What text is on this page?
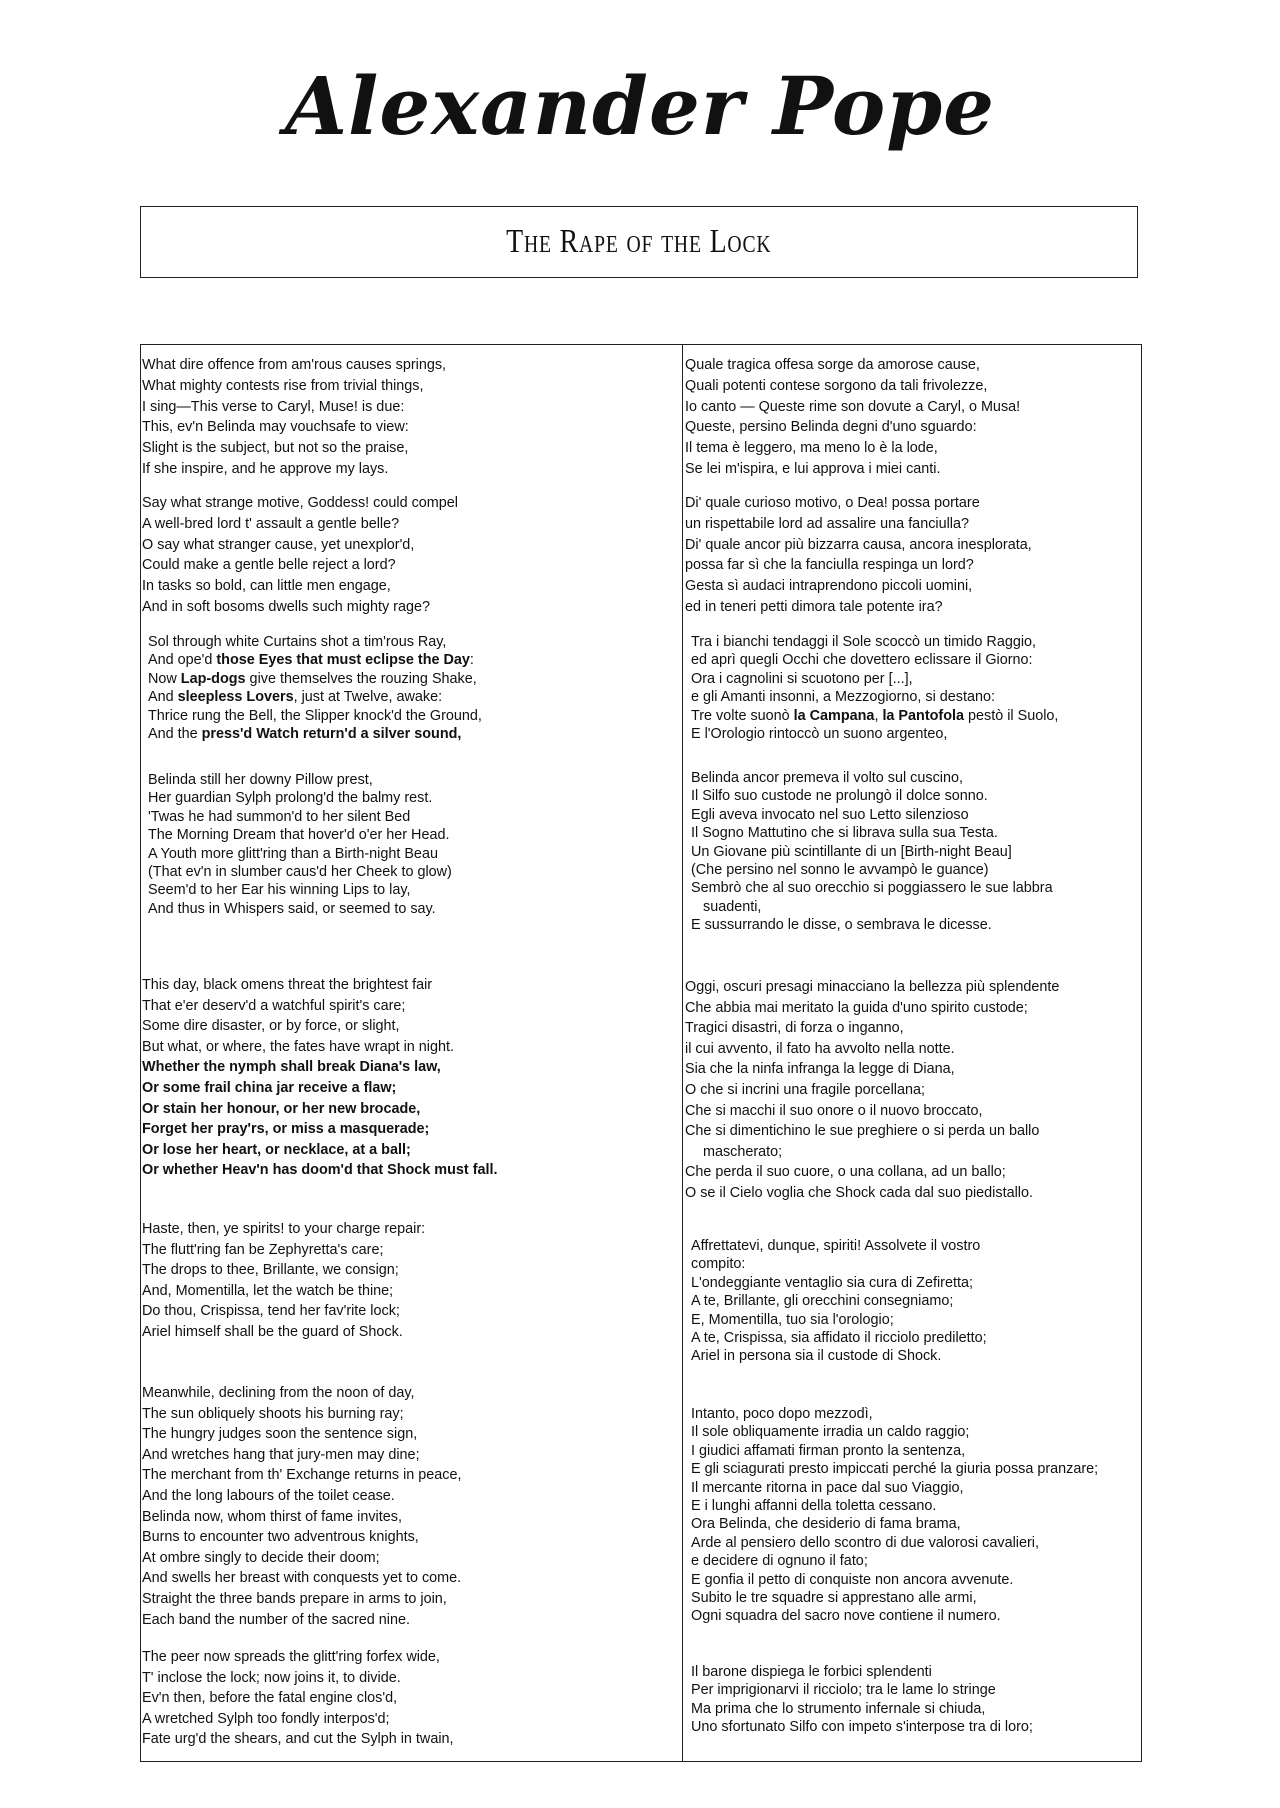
Alexander Pope
The Rape of the Lock
What dire offence from am'rous causes springs,
What mighty contests rise from trivial things,
I sing—This verse to Caryl, Muse! is due:
This, ev'n Belinda may vouchsafe to view:
Slight is the subject, but not so the praise,
If she inspire, and he approve my lays.
Say what strange motive, Goddess! could compel
A well-bred lord t' assault a gentle belle?
O say what stranger cause, yet unexplor'd,
Could make a gentle belle reject a lord?
In tasks so bold, can little men engage,
And in soft bosoms dwells such mighty rage?
Sol through white Curtains shot a tim'rous Ray,
And ope'd those Eyes that must eclipse the Day:
Now Lap-dogs give themselves the rouzing Shake,
And sleepless Lovers, just at Twelve, awake:
Thrice rung the Bell, the Slipper knock'd the Ground,
And the press'd Watch return'd a silver sound,
Belinda still her downy Pillow prest,
Her guardian Sylph prolong'd the balmy rest.
'Twas he had summon'd to her silent Bed
The Morning Dream that hover'd o'er her Head.
A Youth more glitt'ring than a Birth-night Beau
(That ev'n in slumber caus'd her Cheek to glow)
Seem'd to her Ear his winning Lips to lay,
And thus in Whispers said, or seemed to say.
This day, black omens threat the brightest fair
That e'er deserv'd a watchful spirit's care;
Some dire disaster, or by force, or slight,
But what, or where, the fates have wrapt in night.
Whether the nymph shall break Diana's law,
Or some frail china jar receive a flaw;
Or stain her honour, or her new brocade,
Forget her pray'rs, or miss a masquerade;
Or lose her heart, or necklace, at a ball;
Or whether Heav'n has doom'd that Shock must fall.
Haste, then, ye spirits! to your charge repair:
The flutt'ring fan be Zephyretta's care;
The drops to thee, Brillante, we consign;
And, Momentilla, let the watch be thine;
Do thou, Crispissa, tend her fav'rite lock;
Ariel himself shall be the guard of Shock.
Meanwhile, declining from the noon of day,
The sun obliquely shoots his burning ray;
The hungry judges soon the sentence sign,
And wretches hang that jury-men may dine;
The merchant from th' Exchange returns in peace,
And the long labours of the toilet cease.
Belinda now, whom thirst of fame invites,
Burns to encounter two adventrous knights,
At ombre singly to decide their doom;
And swells her breast with conquests yet to come.
Straight the three bands prepare in arms to join,
Each band the number of the sacred nine.
The peer now spreads the glitt'ring forfex wide,
T' inclose the lock; now joins it, to divide.
Ev'n then, before the fatal engine clos'd,
A wretched Sylph too fondly interpos'd;
Fate urg'd the shears, and cut the Sylph in twain,
Quale tragica offesa sorge da amorose cause,
Quali potenti contese sorgono da tali frivolezze,
Io canto — Queste rime son dovute a Caryl, o Musa!
Queste, persino Belinda degni d'uno sguardo:
Il tema è leggero, ma meno lo è la lode,
Se lei m'ispira, e lui approva i miei canti.
Di' quale curioso motivo, o Dea! possa portare
un rispettabile lord ad assalire una fanciulla?
Di' quale ancor più bizzarra causa, ancora inesplorata,
possa far sì che la fanciulla respinga un lord?
Gesta sì audaci intraprendono piccoli uomini,
ed in teneri petti dimora tale potente ira?
Tra i bianchi tendaggi il Sole scoccò un timido Raggio,
ed aprì quegli Occhi che dovettero eclissare il Giorno:
Ora i cagnolini si scuotono per [...],
e gli Amanti insonni, a Mezzogiorno, si destano:
Tre volte suonò la Campana, la Pantofola pestò il Suolo,
E l'Orologio rintoccò un suono argenteo,
Belinda ancor premeva il volto sul cuscino,
Il Silfo suo custode ne prolungò il dolce sonno.
Egli aveva invocato nel suo Letto silenzioso
Il Sogno Mattutino che si librava sulla sua Testa.
Un Giovane più scintillante di un [Birth-night Beau]
(Che persino nel sonno le avvampò le guance)
Sembrò che al suo orecchio si poggiassero le sue labbra
suadenti,
E sussurrando le disse, o sembrava le dicesse.
Oggi, oscuri presagi minacciano la bellezza più splendente
Che abbia mai meritato la guida d'uno spirito custode;
Tragici disastri, di forza o inganno,
il cui avvento, il fato ha avvolto nella notte.
Sia che la ninfa infranga la legge di Diana,
O che si incrini una fragile porcellana;
Che si macchi il suo onore o il nuovo broccato,
Che si dimentichino le sue preghiere o si perda un ballo
mascherato;
Che perda il suo cuore, o una collana, ad un ballo;
O se il Cielo voglia che Shock cada dal suo piedistallo.
Affrettatevi, dunque, spiriti! Assolvete il vostro
compito:
L'ondeggiante ventaglio sia cura di Zefiretta;
A te, Brillante, gli orecchini consegniamo;
E, Momentilla, tuo sia l'orologio;
A te, Crispissa, sia affidato il ricciolo prediletto;
Ariel in persona sia il custode di Shock.
Intanto, poco dopo mezzodì,
Il sole obliquamente irradia un caldo raggio;
I giudici affamati firman pronto la sentenza,
E gli sciagurati presto impiccati perché la giuria possa pranzare;
Il mercante ritorna in pace dal suo Viaggio,
E i lunghi affanni della toletta cessano.
Ora Belinda, che desiderio di fama brama,
Arde al pensiero dello scontro di due valorosi cavalieri,
e decidere di ognuno il fato;
E gonfia il petto di conquiste non ancora avvenute.
Subito le tre squadre si apprestano alle armi,
Ogni squadra del sacro nove contiene il numero.
Il barone dispiega le forbici splendenti
Per imprigionarvi il ricciolo; tra le lame lo stringe
Ma prima che lo strumento infernale si chiuda,
Uno sfortunato Silfo con impeto s'interpose tra di loro;
